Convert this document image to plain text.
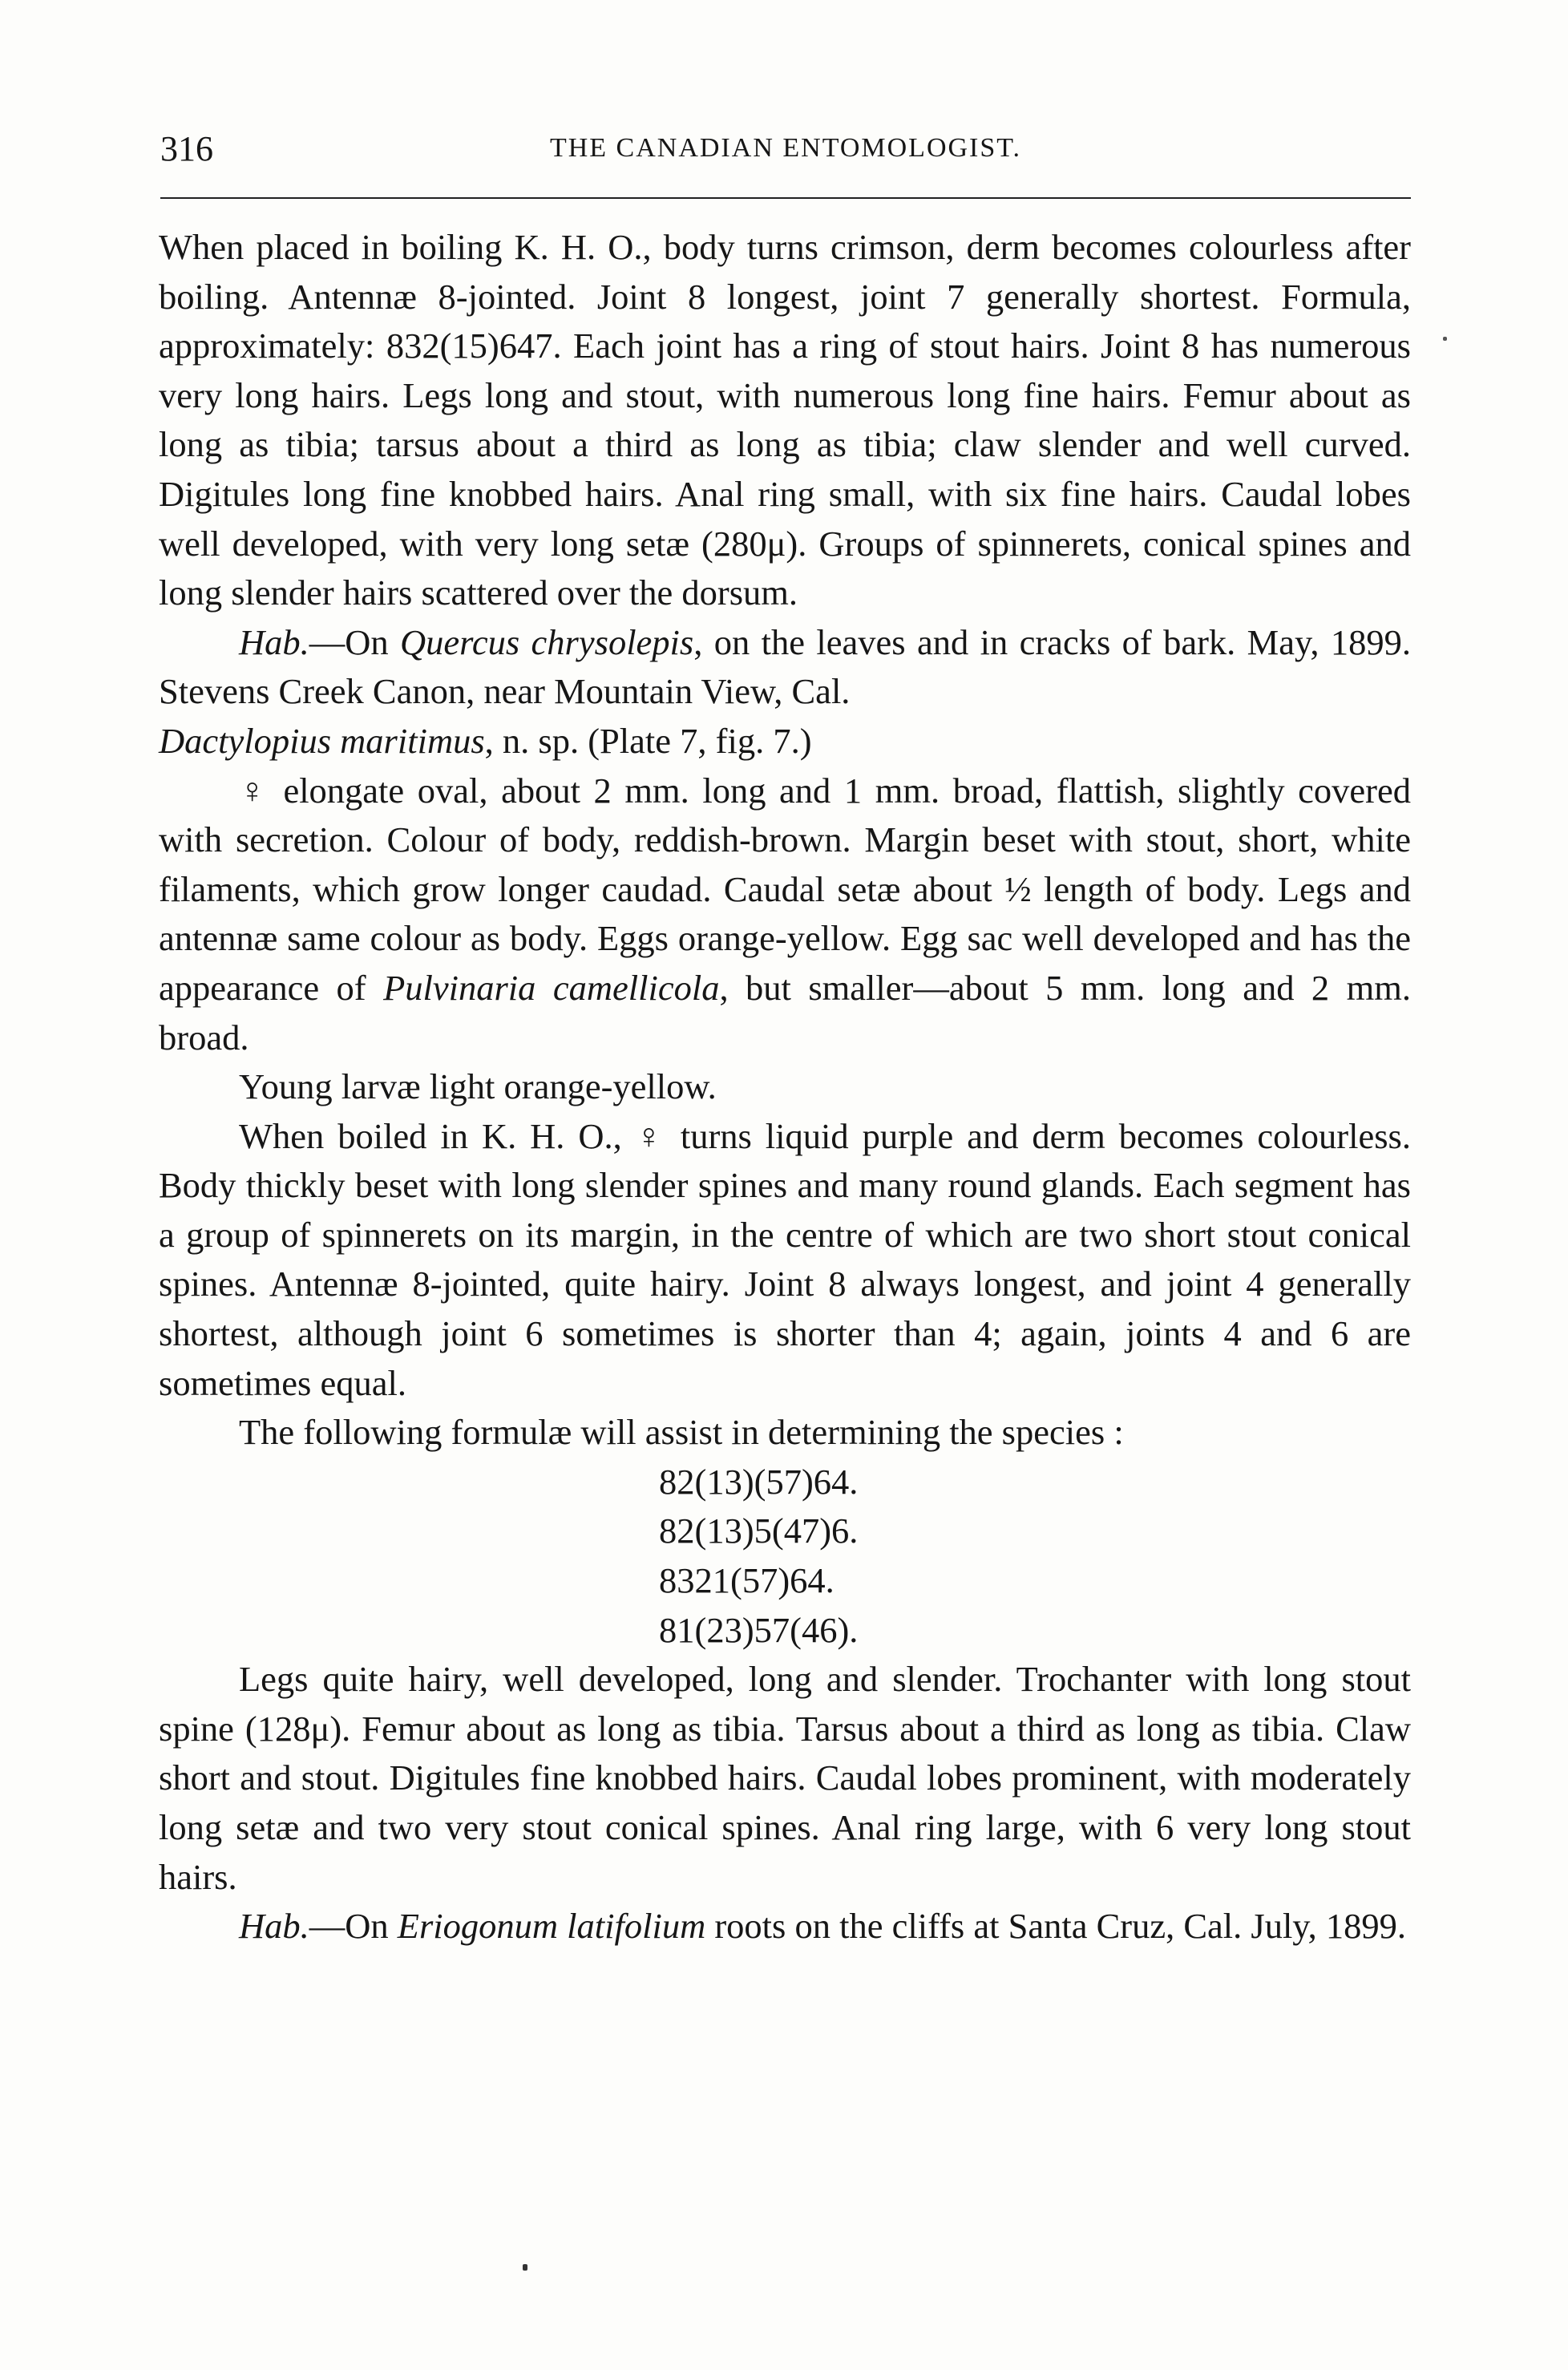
316	THE CANADIAN ENTOMOLOGIST.

When placed in boiling K. H. O., body turns crimson, derm becomes colourless after boiling. Antennæ 8-jointed. Joint 8 longest, joint 7 generally shortest. Formula, approximately: 832(15)647. Each joint has a ring of stout hairs. Joint 8 has numerous very long hairs. Legs long and stout, with numerous long fine hairs. Femur about as long as tibia; tarsus about a third as long as tibia; claw slender and well curved. Digitules long fine knobbed hairs. Anal ring small, with six fine hairs. Caudal lobes well developed, with very long setæ (280μ). Groups of spinnerets, conical spines and long slender hairs scattered over the dorsum.

Hab.—On Quercus chrysolepis, on the leaves and in cracks of bark. May, 1899. Stevens Creek Canon, near Mountain View, Cal.

Dactylopius maritimus, n. sp. (Plate 7, fig. 7.)

♀ elongate oval, about 2 mm. long and 1 mm. broad, flattish, slightly covered with secretion. Colour of body, reddish-brown. Margin beset with stout, short, white filaments, which grow longer caudad. Caudal setæ about ½ length of body. Legs and antennæ same colour as body. Eggs orange-yellow. Egg sac well developed and has the appearance of Pulvinaria camellicola, but smaller—about 5 mm. long and 2 mm. broad.

Young larvæ light orange-yellow.

When boiled in K. H. O., ♀ turns liquid purple and derm becomes colourless. Body thickly beset with long slender spines and many round glands. Each segment has a group of spinnerets on its margin, in the centre of which are two short stout conical spines. Antennæ 8-jointed, quite hairy. Joint 8 always longest, and joint 4 generally shortest, although joint 6 sometimes is shorter than 4; again, joints 4 and 6 are sometimes equal.

The following formulæ will assist in determining the species :

82(13)(57)64.
82(13)5(47)6.
8321(57)64.
81(23)57(46).

Legs quite hairy, well developed, long and slender. Trochanter with long stout spine (128μ). Femur about as long as tibia. Tarsus about a third as long as tibia. Claw short and stout. Digitules fine knobbed hairs. Caudal lobes prominent, with moderately long setæ and two very stout conical spines. Anal ring large, with 6 very long stout hairs.

Hab.—On Eriogonum latifolium roots on the cliffs at Santa Cruz, Cal. July, 1899.
